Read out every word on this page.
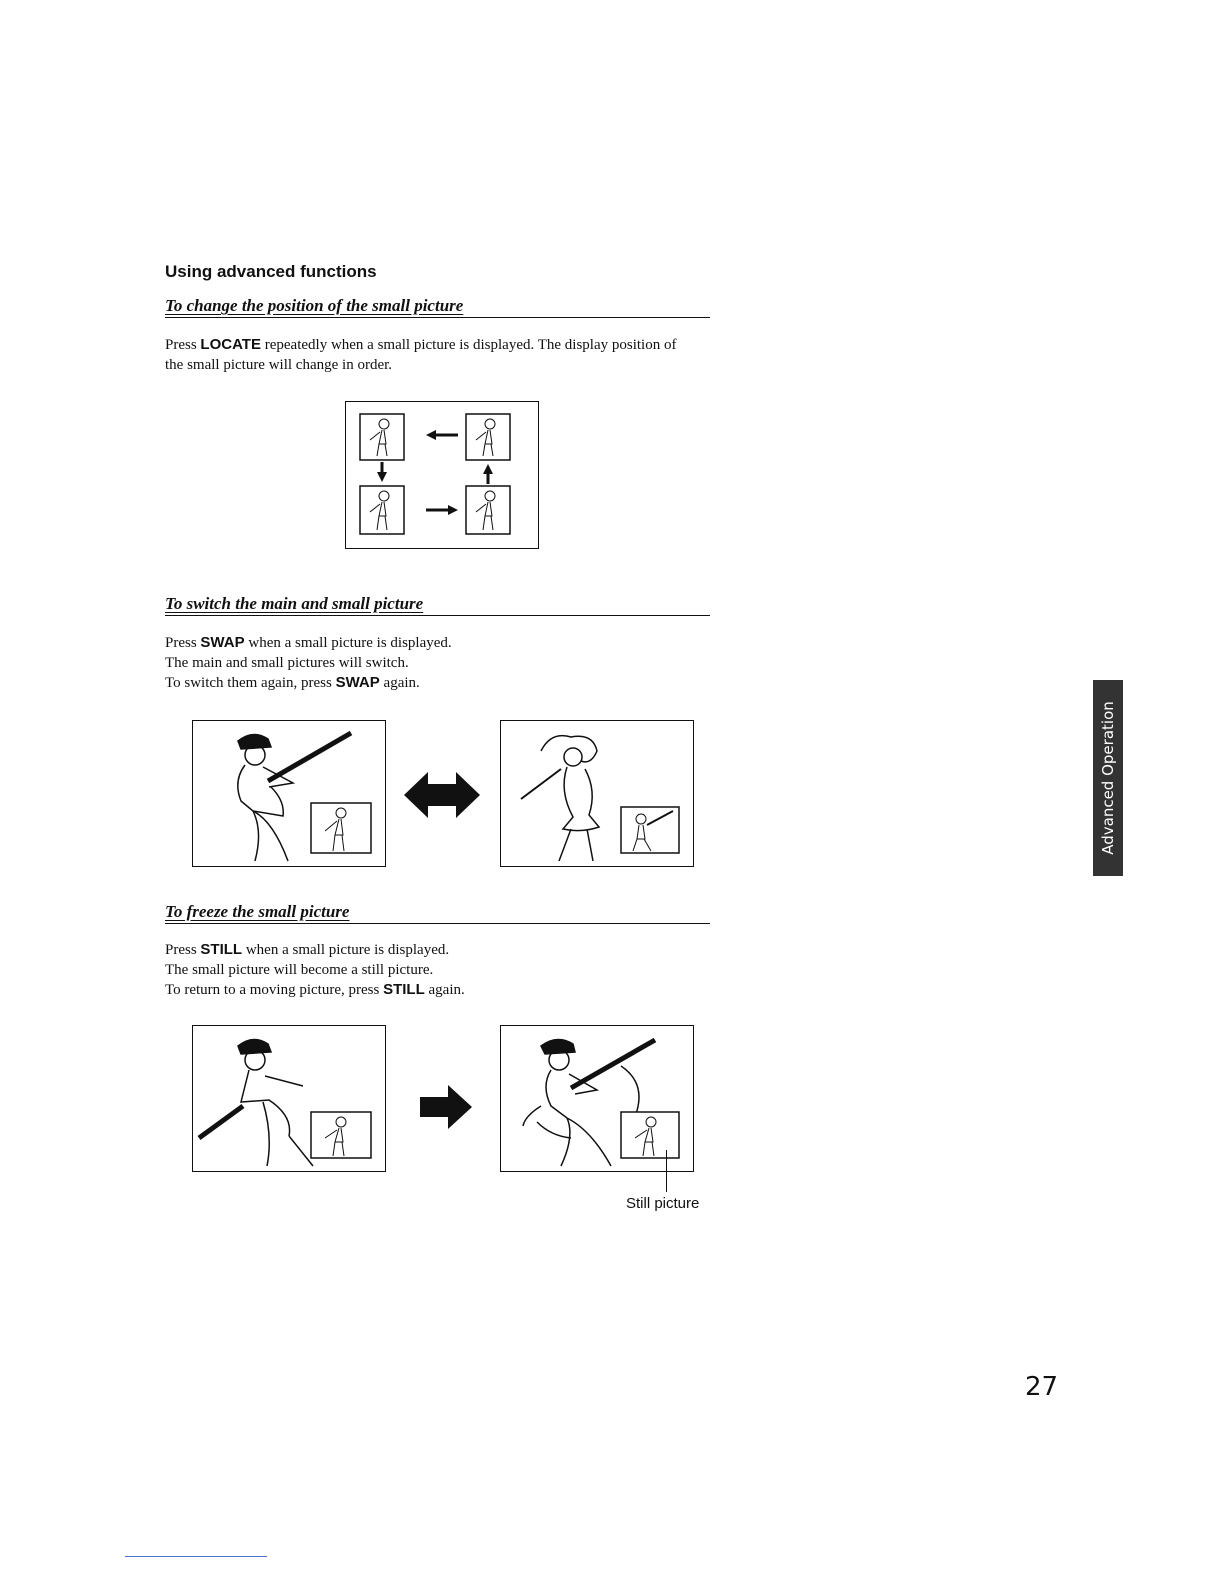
Using advanced functions
To change the position of the small picture
Press LOCATE repeatedly when a small picture is displayed. The display position of the small picture will change in order.
To switch the main and small picture
Press SWAP when a small picture is displayed.
The main and small pictures will switch.
To switch them again, press SWAP again.
To freeze the small picture
Press STILL when a small picture is displayed.
The small picture will become a still picture.
To return to a moving picture, press STILL again.
Still picture
Advanced Operation
27
